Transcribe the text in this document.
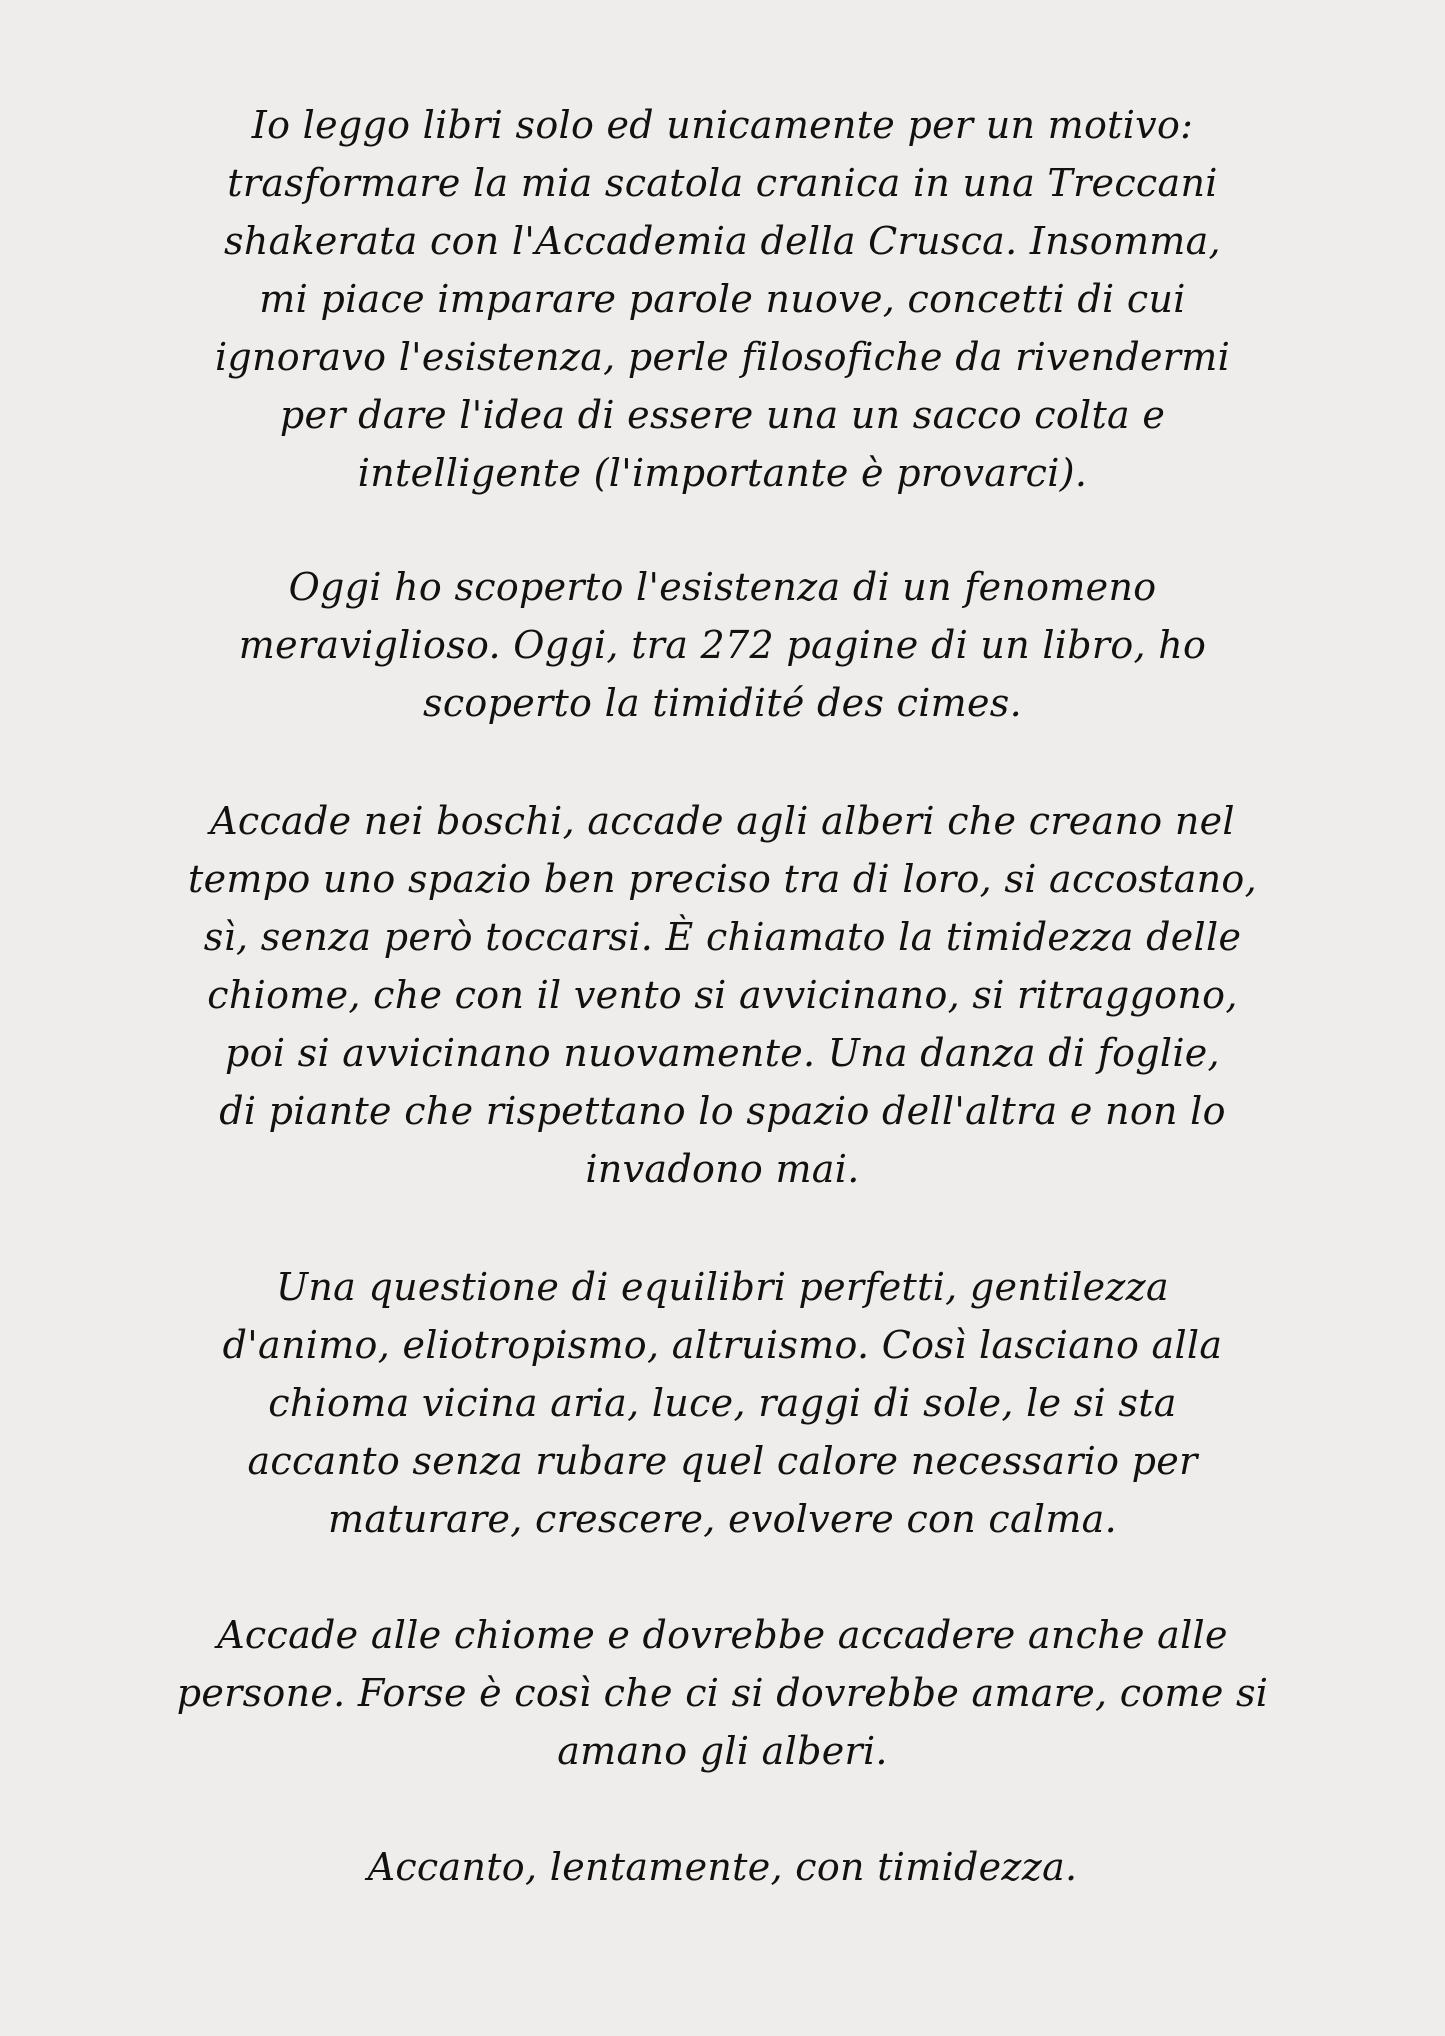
Io leggo libri solo ed unicamente per un motivo:
trasformare la mia scatola cranica in una Treccani
shakerata con l'Accademia della Crusca. Insomma,
mi piace imparare parole nuove, concetti di cui
ignoravo l'esistenza, perle filosofiche da rivendermi
per dare l'idea di essere una un sacco colta e
intelligente (l'importante è provarci).
Oggi ho scoperto l'esistenza di un fenomeno
meraviglioso. Oggi, tra 272 pagine di un libro, ho
scoperto la timidité des cimes.
Accade nei boschi, accade agli alberi che creano nel
tempo uno spazio ben preciso tra di loro, si accostano,
sì, senza però toccarsi. È chiamato la timidezza delle
chiome, che con il vento si avvicinano, si ritraggono,
poi si avvicinano nuovamente. Una danza di foglie,
di piante che rispettano lo spazio dell'altra e non lo
invadono mai.
Una questione di equilibri perfetti, gentilezza
d'animo, eliotropismo, altruismo. Così lasciano alla
chioma vicina aria, luce, raggi di sole, le si sta
accanto senza rubare quel calore necessario per
maturare, crescere, evolvere con calma.
Accade alle chiome e dovrebbe accadere anche alle
persone. Forse è così che ci si dovrebbe amare, come si
amano gli alberi.
Accanto, lentamente, con timidezza.
